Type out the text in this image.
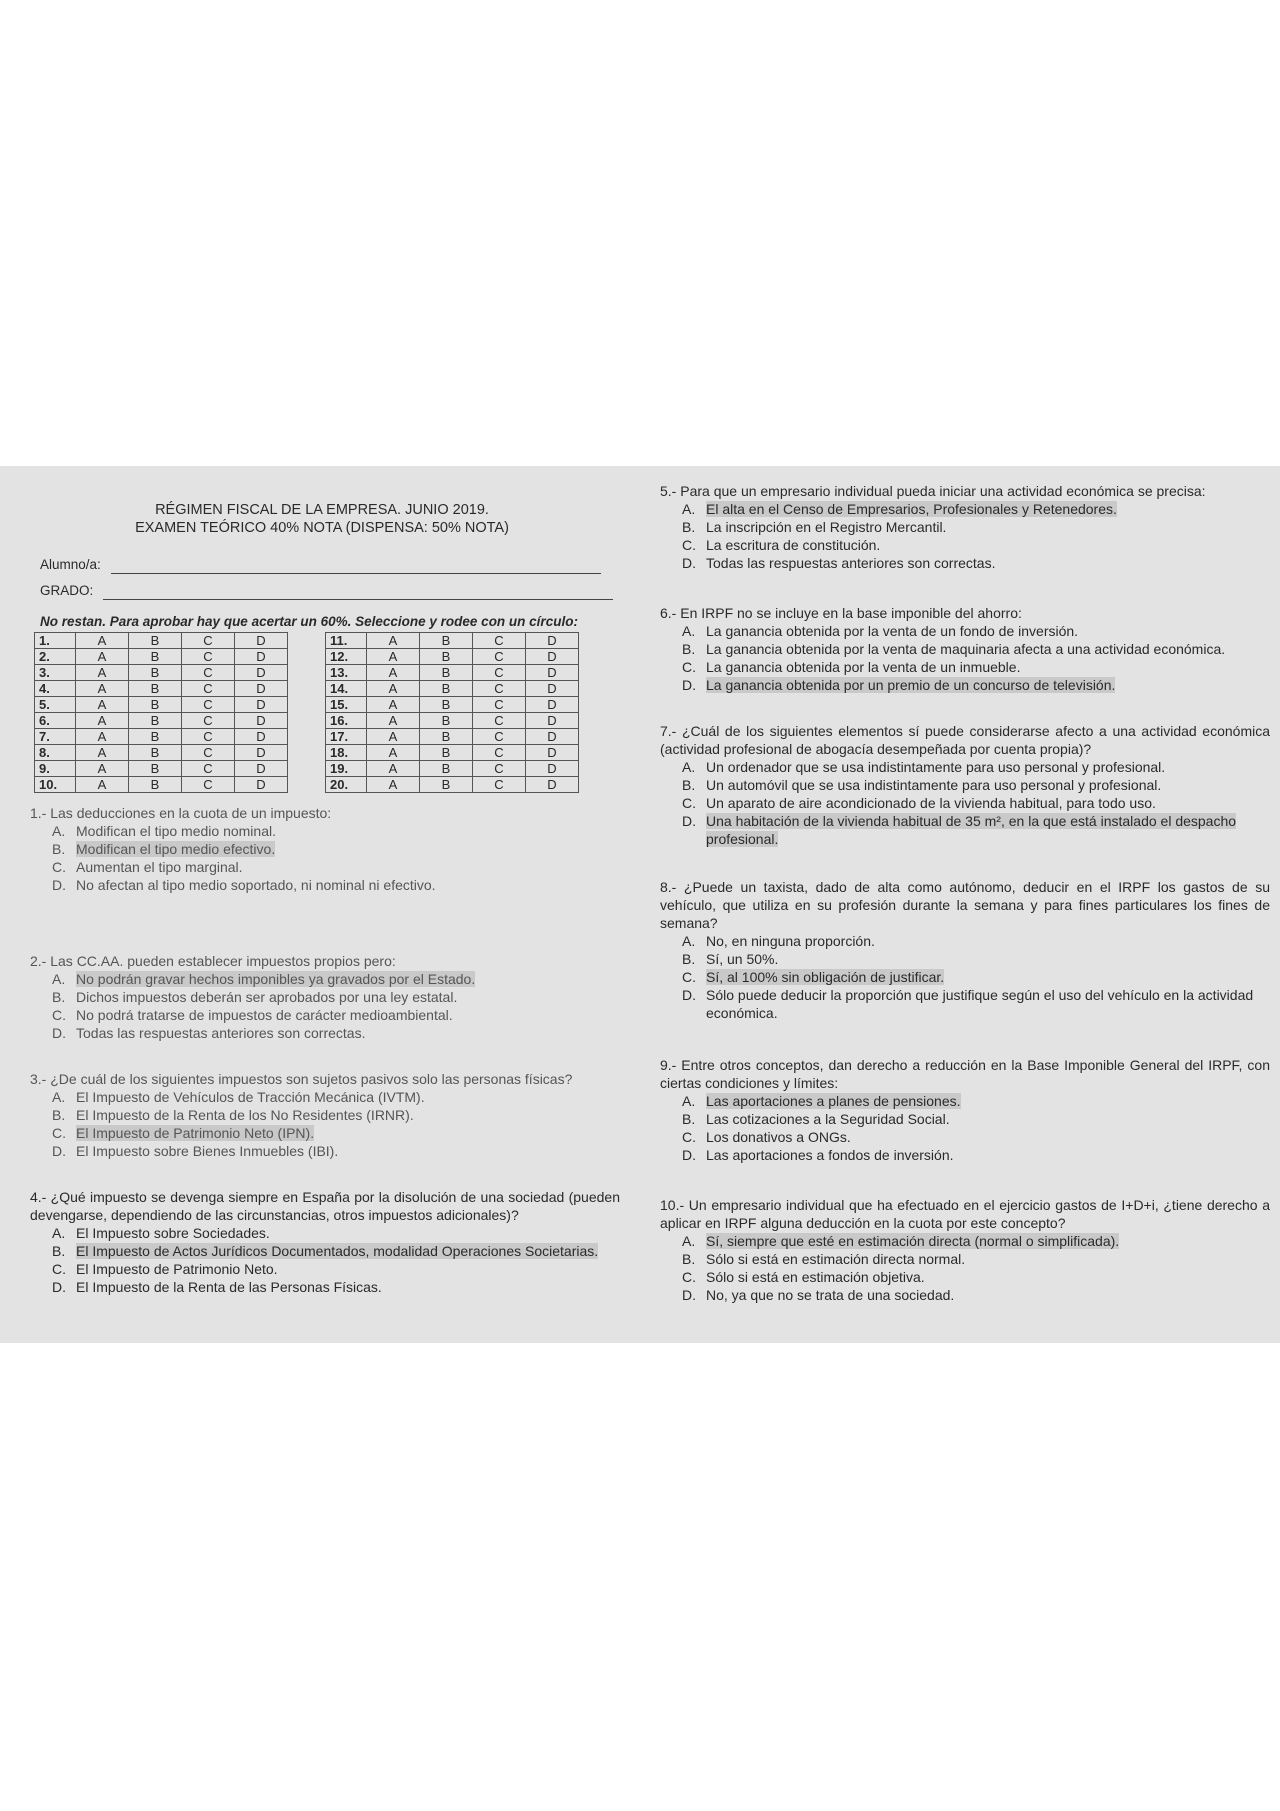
RÉGIMEN FISCAL DE LA EMPRESA. JUNIO 2019.
EXAMEN TEÓRICO 40% NOTA (DISPENSA: 50% NOTA)
Alumno/a:
GRADO:
No restan. Para aprobar hay que acertar un 60%. Seleccione y rodee con un círculo:
1.	A	B	C	D
2.	A	B	C	D
3.	A	B	C	D
4.	A	B	C	D
5.	A	B	C	D
6.	A	B	C	D
7.	A	B	C	D
8.	A	B	C	D
9.	A	B	C	D
10.	A	B	C	D
11.	A	B	C	D
12.	A	B	C	D
13.	A	B	C	D
14.	A	B	C	D
15.	A	B	C	D
16.	A	B	C	D
17.	A	B	C	D
18.	A	B	C	D
19.	A	B	C	D
20.	A	B	C	D

1.- Las deducciones en la cuota de un impuesto:

A. Modifican el tipo medio nominal.

B. Modifican el tipo medio efectivo.

C. Aumentan el tipo marginal.

D. No afectan al tipo medio soportado, ni nominal ni efectivo.

2.- Las CC.AA. pueden establecer impuestos propios pero:

A. No podrán gravar hechos imponibles ya gravados por el Estado.

B. Dichos impuestos deberán ser aprobados por una ley estatal.

C. No podrá tratarse de impuestos de carácter medioambiental.

D. Todas las respuestas anteriores son correctas.

3.- ¿De cuál de los siguientes impuestos son sujetos pasivos solo las personas físicas?

A. El Impuesto de Vehículos de Tracción Mecánica (IVTM).

B. El Impuesto de la Renta de los No Residentes (IRNR).

C. El Impuesto de Patrimonio Neto (IPN).

D. El Impuesto sobre Bienes Inmuebles (IBI).

4.- ¿Qué impuesto se devenga siempre en España por la disolución de una sociedad (pueden devengarse, dependiendo de las circunstancias, otros impuestos adicionales)?

A. El Impuesto sobre Sociedades.

B. El Impuesto de Actos Jurídicos Documentados, modalidad Operaciones Societarias.

C. El Impuesto de Patrimonio Neto.

D. El Impuesto de la Renta de las Personas Físicas.

5.- Para que un empresario individual pueda iniciar una actividad económica se precisa:

A. El alta en el Censo de Empresarios, Profesionales y Retenedores.

B. La inscripción en el Registro Mercantil.

C. La escritura de constitución.

D. Todas las respuestas anteriores son correctas.

6.- En IRPF no se incluye en la base imponible del ahorro:

A. La ganancia obtenida por la venta de un fondo de inversión.

B. La ganancia obtenida por la venta de maquinaria afecta a una actividad económica.

C. La ganancia obtenida por la venta de un inmueble.

D. La ganancia obtenida por un premio de un concurso de televisión.

7.- ¿Cuál de los siguientes elementos sí puede considerarse afecto a una actividad económica (actividad profesional de abogacía desempeñada por cuenta propia)?

A. Un ordenador que se usa indistintamente para uso personal y profesional.

B. Un automóvil que se usa indistintamente para uso personal y profesional.

C. Un aparato de aire acondicionado de la vivienda habitual, para todo uso.

D. Una habitación de la vivienda habitual de 35 m², en la que está instalado el despacho profesional.

8.- ¿Puede un taxista, dado de alta como autónomo, deducir en el IRPF los gastos de su vehículo, que utiliza en su profesión durante la semana y para fines particulares los fines de semana?

A. No, en ninguna proporción.

B. Sí, un 50%.

C. Sí, al 100% sin obligación de justificar.

D. Sólo puede deducir la proporción que justifique según el uso del vehículo en la actividad económica.

9.- Entre otros conceptos, dan derecho a reducción en la Base Imponible General del IRPF, con ciertas condiciones y límites:

A. Las aportaciones a planes de pensiones.

B. Las cotizaciones a la Seguridad Social.

C. Los donativos a ONGs.

D. Las aportaciones a fondos de inversión.

10.- Un empresario individual que ha efectuado en el ejercicio gastos de I+D+i, ¿tiene derecho a aplicar en IRPF alguna deducción en la cuota por este concepto?

A. Sí, siempre que esté en estimación directa (normal o simplificada).

B. Sólo si está en estimación directa normal.

C. Sólo si está en estimación objetiva.

D. No, ya que no se trata de una sociedad.
